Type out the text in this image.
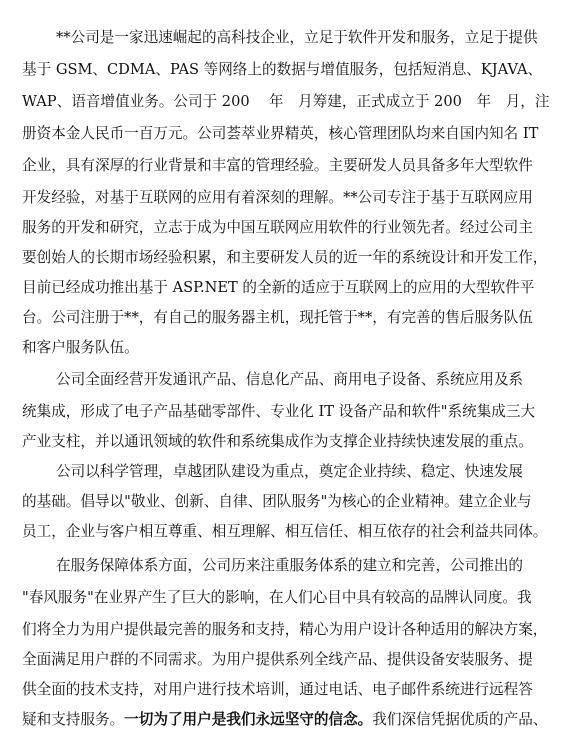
**公司是一家迅速崛起的高科技企业，立足于软件开发和服务，立足于提供
基于 GSM、CDMA、PAS 等网络上的数据与增值服务，包括短消息、KJAVA、
WAP、语音增值业务。公司于 200　 年　月筹建，正式成立于 200　年　月，注
册资本金人民币一百万元。公司荟萃业界精英，核心管理团队均来自国内知名 IT
企业，具有深厚的行业背景和丰富的管理经验。主要研发人员具备多年大型软件
开发经验，对基于互联网的应用有着深刻的理解。**公司专注于基于互联网应用
服务的开发和研究，立志于成为中国互联网应用软件的行业领先者。经过公司主
要创始人的长期市场经验积累，和主要研发人员的近一年的系统设计和开发工作，
目前已经成功推出基于 ASP.NET 的全新的适应于互联网上的应用的大型软件平
台。公司注册于**，有自己的服务器主机，现托管于**，有完善的售后服务队伍
和客户服务队伍。
公司全面经营开发通讯产品、信息化产品、商用电子设备、系统应用及系
统集成，形成了电子产品基础零部件、专业化 IT 设备产品和软件"系统集成三大
产业支柱，并以通讯领域的软件和系统集成作为支撑企业持续快速发展的重点。
公司以科学管理，卓越团队建设为重点，奠定企业持续、稳定、快速发展
的基础。倡导以"敬业、创新、自律、团队服务"为核心的企业精神。建立企业与
员工，企业与客户相互尊重、相互理解、相互信任、相互依存的社会利益共同体。
在服务保障体系方面，公司历来注重服务体系的建立和完善，公司推出的
"春风服务"在业界产生了巨大的影响，在人们心目中具有较高的品牌认同度。我
们将全力为用户提供最完善的服务和支持，精心为用户设计各种适用的解决方案，
全面满足用户群的不同需求。为用户提供系列全线产品、提供设备安装服务、提
供全面的技术支持，对用户进行技术培训，通过电话、电子邮件系统进行远程答
疑和支持服务。一切为了用户是我们永远坚守的信念。我们深信凭据优质的产品、
